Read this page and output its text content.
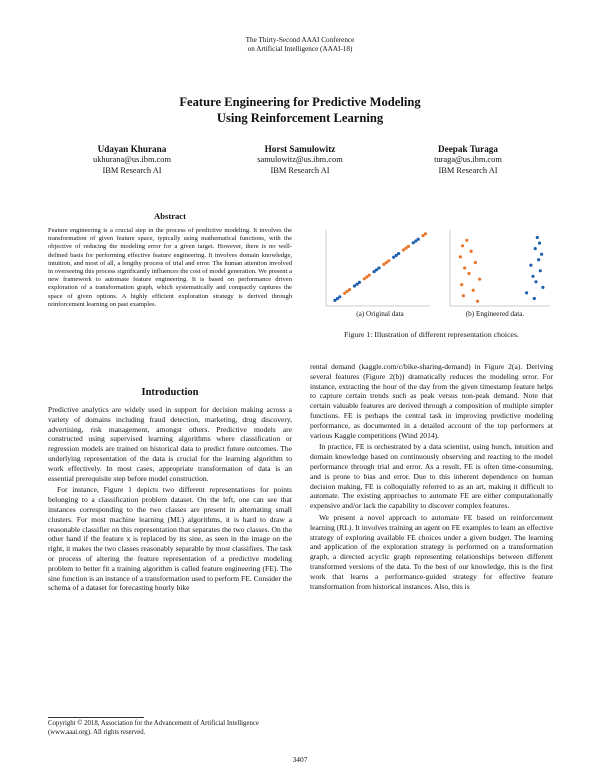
The Thirty-Second AAAI Conference
on Artificial Intelligence (AAAI-18)
Feature Engineering for Predictive Modeling
Using Reinforcement Learning
Udayan Khurana
ukhurana@us.ibm.com
IBM Research AI
Horst Samulowitz
samulowitz@us.ibm.com
IBM Research AI
Deepak Turaga
turaga@us.ibm.com
IBM Research AI
Abstract
Feature engineering is a crucial step in the process of predictive modeling. It involves the transformation of given feature space, typically using mathematical functions, with the objective of reducing the modeling error for a given target. However, there is no well-defined basis for performing effective feature engineering. It involves domain knowledge, intuition, and most of all, a lengthy process of trial and error. The human attention involved in overseeing this process significantly influences the cost of model generation. We present a new framework to automate feature engineering. It is based on performance driven exploration of a transformation graph, which systematically and compactly captures the space of given options. A highly efficient exploration strategy is derived through reinforcement learning on past examples.
Introduction

Predictive analytics are widely used in support for decision making across a variety of domains including fraud detection, marketing, drug discovery, advertising, risk management, amongst others. Predictive models are constructed using supervised learning algorithms where classification or regression models are trained on historical data to predict future outcomes. The underlying representation of the data is crucial for the learning algorithm to work effectively. In most cases, appropriate transformation of data is an essential prerequisite step before model construction.

For instance, Figure 1 depicts two different representations for points belonging to a classification problem dataset. On the left, one can see that instances corresponding to the two classes are present in alternating small clusters. For most machine learning (ML) algorithms, it is hard to draw a reasonable classifier on this representation that separates the two classes. On the other hand if the feature x is replaced by its sine, as seen in the image on the right, it makes the two classes reasonably separable by most classifiers. The task or process of altering the feature representation of a predictive modeling problem to better fit a training algorithm is called feature engineering (FE). The sine function is an instance of a transformation used to perform FE. Consider the schema of a dataset for forecasting hourly bike

(a) Original data	(b) Engineered data.
Figure 1: Illustration of different representation choices.

rental demand (kaggle.com/c/bike-sharing-demand) in Figure 2(a). Deriving several features (Figure 2(b)) dramatically reduces the modeling error. For instance, extracting the hour of the day from the given timestamp feature helps to capture certain trends such as peak versus non-peak demand. Note that certain valuable features are derived through a composition of multiple simpler functions. FE is perhaps the central task in improving predictive modeling performance, as documented in a detailed account of the top performers at various Kaggle competitions (Wind 2014).

In practice, FE is orchestrated by a data scientist, using hunch, intuition and domain knowledge based on continuously observing and reacting to the model performance through trial and error. As a result, FE is often time-consuming, and is prone to bias and error. Due to this inherent dependence on human decision making, FE is colloquially referred to as an art, making it difficult to automate. The existing approaches to automate FE are either computationally expensive and/or lack the capability to discover complex features.

We present a novel approach to automate FE based on reinforcement learning (RL). It involves training an agent on FE examples to learn an effective strategy of exploring available FE choices under a given budget. The learning and application of the exploration strategy is performed on a transformation graph, a directed acyclic graph representing relationships between different transformed versions of the data. To the best of our knowledge, this is the first work that learns a performance-guided strategy for effective feature transformation from historical instances. Also, this is

Copyright © 2018, Association for the Advancement of Artificial Intelligence (www.aaai.org). All rights reserved.
3407
